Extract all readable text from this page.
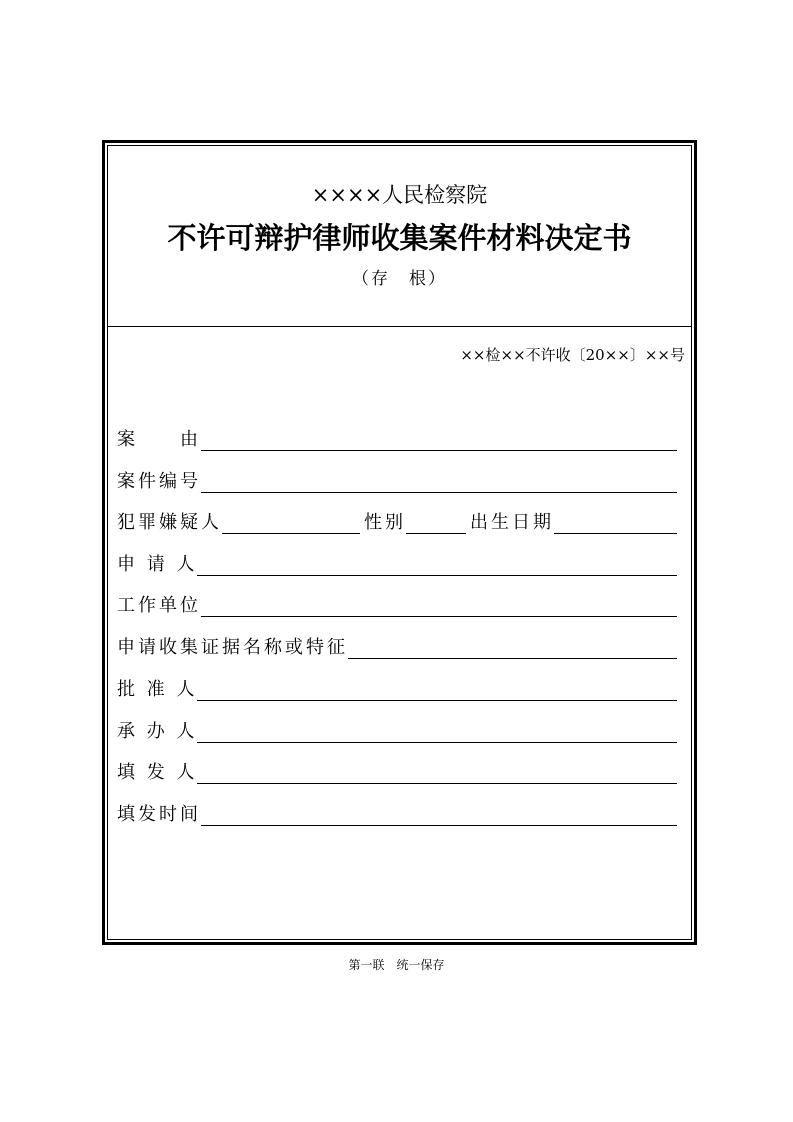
××××人民检察院
不许可辩护律师收集案件材料决定书
（存　根）
××检××不许收〔20××〕××号
案　　由
案件编号
犯罪嫌疑人	性别	出生日期
申 请 人
工作单位
申请收集证据名称或特征
批 准 人
承 办 人
填 发 人
填发时间
第一联　统一保存
